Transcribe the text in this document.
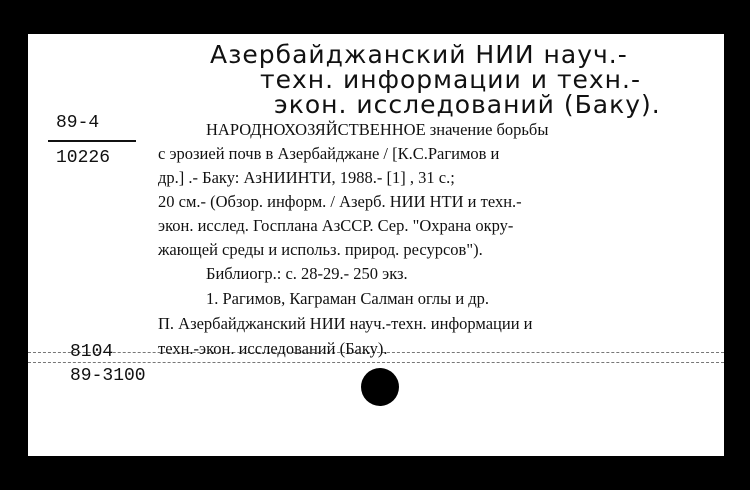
Азербайджанский НИИ науч.-
техн. информации и техн.-
экон. исследований (Баку).
89-4
10226
НАРОДНОХОЗЯЙСТВЕННОЕ значение борьбы
с эрозией почв в Азербайджане / [К.С.Рагимов и
др.] .- Баку: АзНИИНТИ, 1988.- [1] , 31 с.;
20 см.- (Обзор. информ. / Азерб. НИИ НТИ и техн.-
экон. исслед. Госплана АзССР. Сер. "Охрана окру-
жающей среды и использ. природ. ресурсов").
Библиогр.: с. 28-29.- 250 экз.
1. Рагимов, Каграман Салман оглы и др.
П. Азербайджанский НИИ науч.-техн. информации и
техн.-экон. исследований (Баку).
8104
89-3100
